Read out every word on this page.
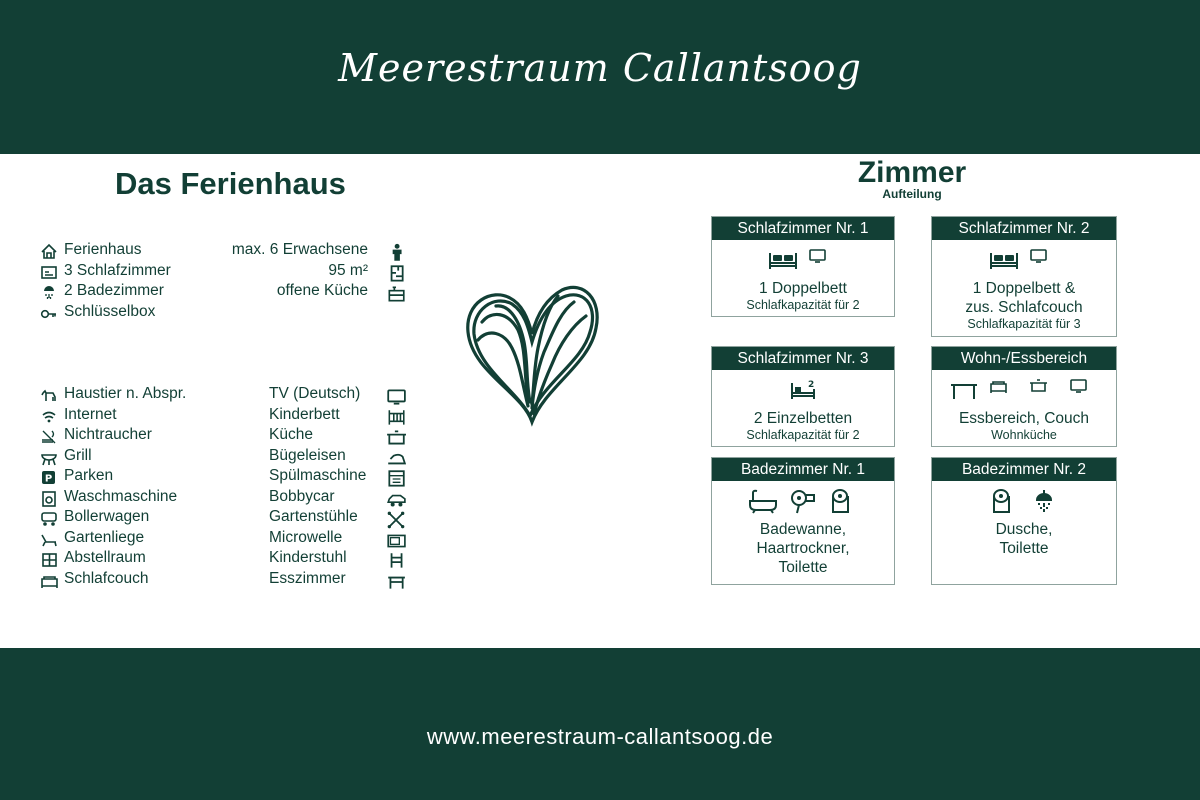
Meerestraum Callantsoog
Das Ferienhaus	Zimmer
Aufteilung
Ferienhaus	max. 6 Erwachsene
3 Schlafzimmer	95 m²
2 Badezimmer	offene Küche
Schlüsselbox
Haustier n. Abspr.	TV (Deutsch)
Internet	Kinderbett
Nichtraucher	Küche
Grill	Bügeleisen
P Parken	Spülmaschine
Waschmaschine	Bobbycar
Bollerwagen	Gartenstühle
Gartenliege	Microwelle
Abstellraum	Kinderstuhl
Schlafcouch	Esszimmer
Schlafzimmer Nr. 1
1 Doppelbett
Schlafkapazität für 2
Schlafzimmer Nr. 2
1 Doppelbett &
zus. Schlafcouch
Schlafkapazität für 3
Schlafzimmer Nr. 3
2
2 Einzelbetten
Schlafkapazität für 2
Wohn-/Essbereich
Essbereich, Couch
Wohnküche
Badezimmer Nr. 1
Badewanne,
Haartrockner,
Toilette
Badezimmer Nr. 2
Dusche,
Toilette
www.meerestraum-callantsoog.de
